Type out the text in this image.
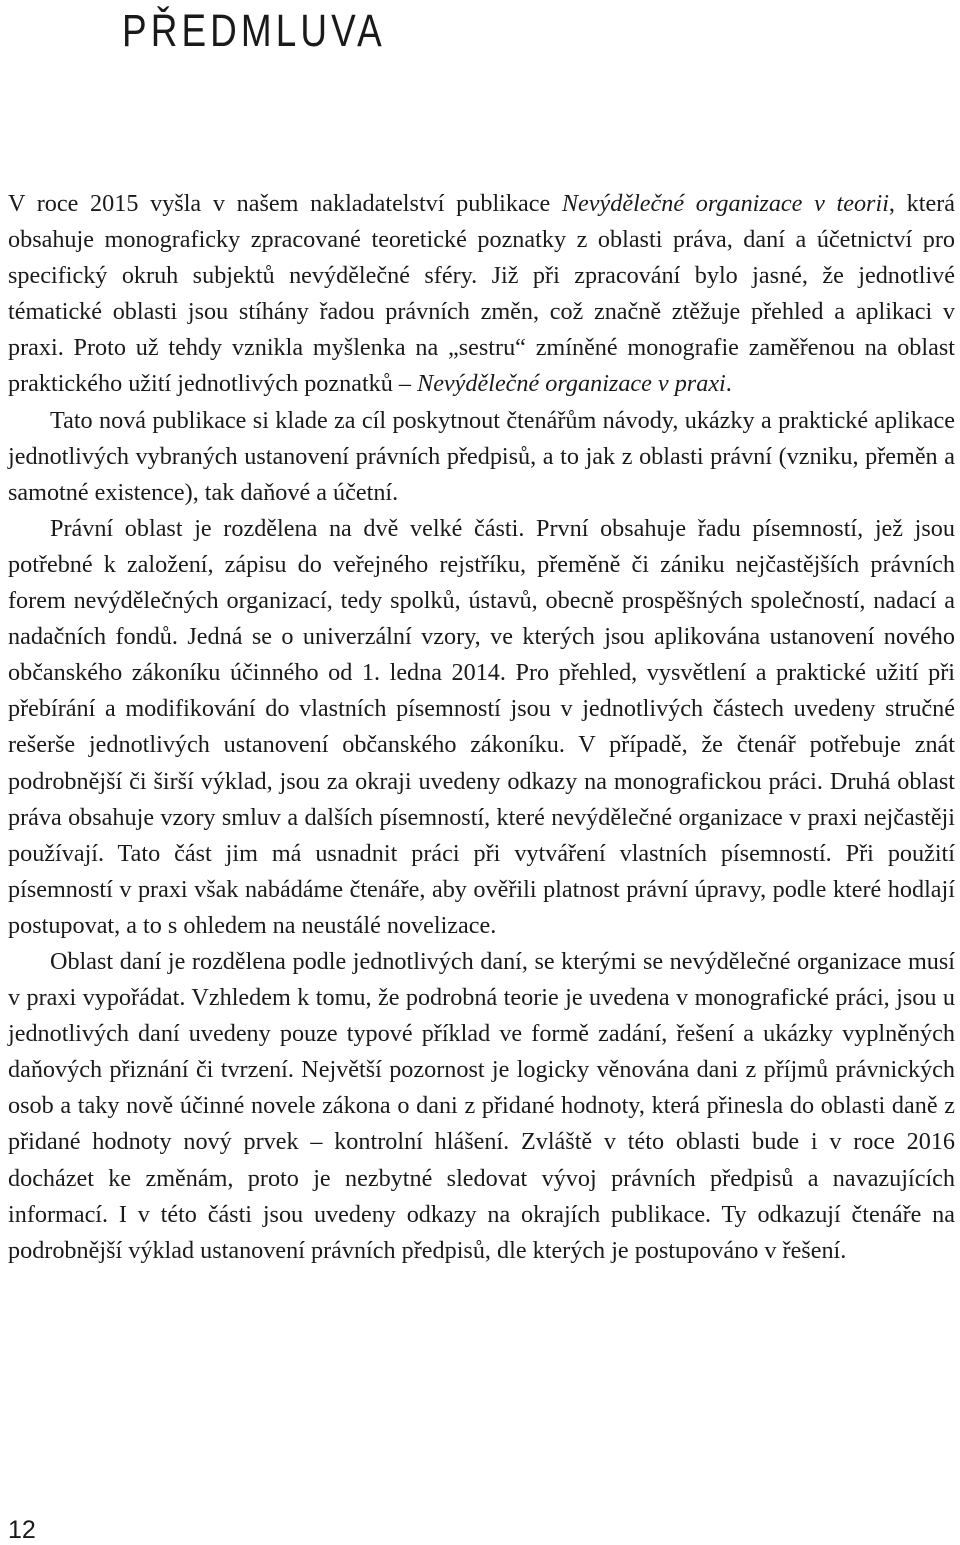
PŘEDMLUVA

V roce 2015 vyšla v našem nakladatelství publikace Nevýdělečné organizace v teorii, která obsahuje monograficky zpracované teoretické poznatky z oblasti práva, daní a účetnictví pro specifický okruh subjektů nevýdělečné sféry. Již při zpracování bylo jasné, že jednotlivé tématické oblasti jsou stíhány řadou právních změn, což značně ztěžuje přehled a aplikaci v praxi. Proto už tehdy vznikla myšlenka na „sestru“ zmíněné monografie zaměřenou na oblast praktického užití jednotlivých poznatků – Nevýdělečné organizace v praxi.

Tato nová publikace si klade za cíl poskytnout čtenářům návody, ukázky a praktické aplikace jednotlivých vybraných ustanovení právních předpisů, a to jak z oblasti právní (vzniku, přeměn a samotné existence), tak daňové a účetní.

Právní oblast je rozdělena na dvě velké části. První obsahuje řadu písemností, jež jsou potřebné k založení, zápisu do veřejného rejstříku, přeměně či zániku nejčastějších právních forem nevýdělečných organizací, tedy spolků, ústavů, obecně prospěšných společností, nadací a nadačních fondů. Jedná se o univerzální vzory, ve kterých jsou aplikována ustanovení nového občanského zákoníku účinného od 1. ledna 2014. Pro přehled, vysvětlení a praktické užití při přebírání a modifikování do vlastních písemností jsou v jednotlivých částech uvedeny stručné rešerše jednotlivých ustanovení občanského zákoníku. V případě, že čtenář potřebuje znát podrobnější či širší výklad, jsou za okraji uvedeny odkazy na monografickou práci. Druhá oblast práva obsahuje vzory smluv a dalších písemností, které nevýdělečné organizace v praxi nejčastěji používají. Tato část jim má usnadnit práci při vytváření vlastních písemností. Při použití písemností v praxi však nabádáme čtenáře, aby ověřili platnost právní úpravy, podle které hodlají postupovat, a to s ohledem na neustálé novelizace.

Oblast daní je rozdělena podle jednotlivých daní, se kterými se nevýdělečné organizace musí v praxi vypořádat. Vzhledem k tomu, že podrobná teorie je uvedena v monografické práci, jsou u jednotlivých daní uvedeny pouze typové příklad ve formě zadání, řešení a ukázky vyplněných daňových přiznání či tvrzení. Největší pozornost je logicky věnována dani z příjmů právnických osob a taky nově účinné novele zákona o dani z přidané hodnoty, která přinesla do oblasti daně z přidané hodnoty nový prvek – kontrolní hlášení. Zvláště v této oblasti bude i v roce 2016 docházet ke změnám, proto je nezbytné sledovat vývoj právních předpisů a navazujících informací. I v této části jsou uvedeny odkazy na okrajích publikace. Ty odkazují čtenáře na podrobnější výklad ustanovení právních předpisů, dle kterých je postupováno v řešení.

12
